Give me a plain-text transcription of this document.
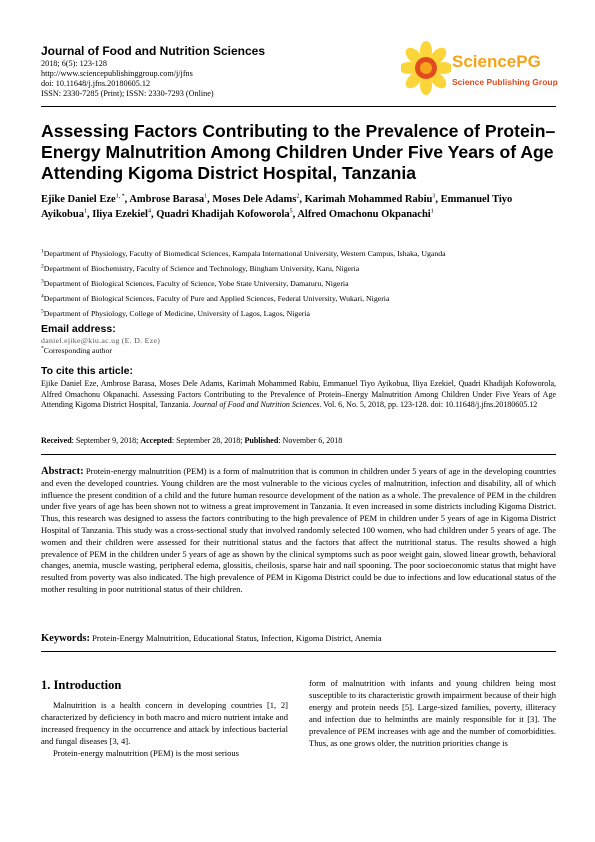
Journal of Food and Nutrition Sciences
2018; 6(5): 123-128
http://www.sciencepublishinggroup.com/j/jfns
doi: 10.11648/j.jfns.20180605.12
ISSN: 2330-7285 (Print); ISSN: 2330-7293 (Online)
SciencePG
Science Publishing Group
Assessing Factors Contributing to the Prevalence of Protein–Energy Malnutrition Among Children Under Five Years of Age Attending Kigoma District Hospital, Tanzania
Ejike Daniel Eze$^{1, *}$, Ambrose Barasa$^1$, Moses Dele Adams$^2$, Karimah Mohammed Rabiu$^3$, Emmanuel Tiyo Ayikobua$^1$, Iliya Ezekiel$^4$, Quadri Khadijah Kofoworola$^5$, Alfred Omachonu Okpanachi$^1$
$^1$Department of Physiology, Faculty of Biomedical Sciences, Kampala International University, Western Campus, Ishaka, Uganda
$^2$Department of Biochemistry, Faculty of Science and Technology, Bingham University, Karu, Nigeria
$^3$Department of Biological Sciences, Faculty of Science, Yobe State University, Damaturu, Nigeria
$^4$Department of Biological Sciences, Faculty of Pure and Applied Sciences, Federal University, Wukari, Nigeria
$^5$Department of Physiology, College of Medicine, University of Lagos, Lagos, Nigeria
Email address:
daniel.ejike@kiu.ac.ug (E. D. Eze)
*Corresponding author
To cite this article:
Ejike Daniel Eze, Ambrose Barasa, Moses Dele Adams, Karimah Mohammed Rabiu, Emmanuel Tiyo Ayikobua, Iliya Ezekiel, Quadri Khadijah Kofoworola, Alfred Omachonu Okpanachi. Assessing Factors Contributing to the Prevalence of Protein–Energy Malnutrition Among Children Under Five Years of Age Attending Kigoma District Hospital, Tanzania. Journal of Food and Nutrition Sciences. Vol. 6, No. 5, 2018, pp. 123-128. doi: 10.11648/j.jfns.20180605.12
Received: September 9, 2018; Accepted: September 28, 2018; Published: November 6, 2018
Abstract: Protein-energy malnutrition (PEM) is a form of malnutrition that is common in children under 5 years of age in the developing countries and even the developed countries. Young children are the most vulnerable to the vicious cycles of malnutrition, infection and disability, all of which influence the present condition of a child and the future human resource development of the nation as a whole. The prevalence of PEM in the children under five years of age has been shown not to witness a great improvement in Tanzania. It even increased in some districts including Kigoma District. Thus, this research was designed to assess the factors contributing to the high prevalence of PEM in children under 5 years of age in Kigoma District Hospital of Tanzania. This study was a cross-sectional study that involved randomly selected 100 women, who had children under 5 years of age. The women and their children were assessed for their nutritional status and the factors that affect the nutritional status. The results showed a high prevalence of PEM in the children under 5 years of age as shown by the clinical symptoms such as poor weight gain, slowed linear growth, behavioral changes, anemia, muscle wasting, peripheral edema, glossitis, cheilosis, sparse hair and nail spooning. The poor socioeconomic status that might have resulted from poverty was also indicated. The high prevalence of PEM in Kigoma District could be due to infections and low educational status of the mother resulting in poor nutritional status of their children.
Keywords: Protein-Energy Malnutrition, Educational Status, Infection, Kigoma District, Anemia
1. Introduction

Malnutrition is a health concern in developing countries [1, 2] characterized by deficiency in both macro and micro nutrient intake and increased frequency in the occurrence and attack by infectious bacterial and fungal diseases [3, 4].

Protein-energy malnutrition (PEM) is the most serious

form of malnutrition with infants and young children being most susceptible to its characteristic growth impairment because of their high energy and protein needs [5]. Large-sized families, poverty, illiteracy and infection due to helminths are mainly responsible for it [3]. The prevalence of PEM increases with age and the number of comorbidities. Thus, as one grows older, the nutrition priorities change is
